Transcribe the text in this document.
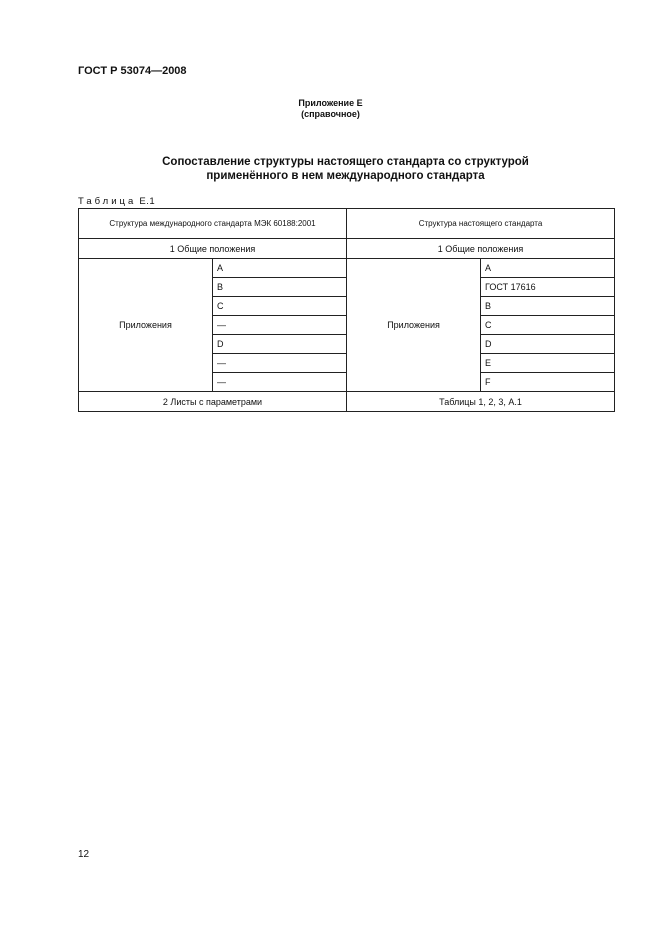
ГОСТ Р 53074—2008
Приложение Е
(справочное)
Сопоставление структуры настоящего стандарта со структурой
применённого в нем международного стандарта
Таблица Е.1
Структура международного стандарта МЭК 60188:2001		Структура настоящего стандарта	
1 Общие положения		1 Общие положения	
Приложения	A	Приложения	A
	B		ГОСТ 17616
	C		B
	—		C
	D		D
	—		E
	—		F
2 Листы с параметрами		Таблицы 1, 2, 3, А.1	
12
